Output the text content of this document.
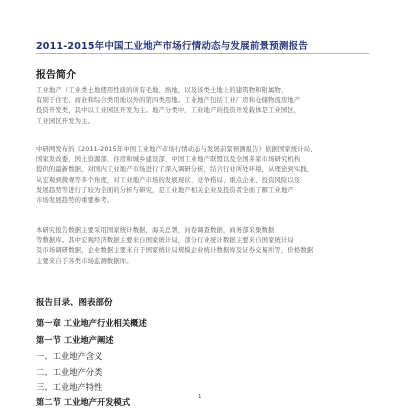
2011-2015年中国工业地产市场行情动态与发展前景预测报告
报告简介
工业地产（工业类土地使用性质的所有毛地、熟地，以及该类土地上的建筑物和附属物，
有别于住宅、商业和综合类用地以外的第四类用地。工业地产包括工业厂房和仓储物流房地产
投资开发类，其中以工业园区开发为主。地产分类中，工业地产的投资开发载体是工业园区，
工业园区开发为主。
中研网发布的《2011-2015年中国工业地产市场行情动态与发展前景预测报告》依据国家统计局、
国家发改委、国土资源部、住房和城乡建设部、中国工业地产联盟以及全国多家市场研究机构
提供的最新数据，对国内工业地产市场进行了深入调研分析，结合行业所处环境，从理论到实践、
从宏观到微观等多个角度，对工业地产市场的发展现状、竞争格局、重点企业、投资风险以及
发展趋势等进行了较为全面的分析与研究，是工业地产相关企业及投资者全面了解工业地产
市场发展趋势的重要参考。
本研究报告数据主要采用国家统计数据，海关总署，问卷调查数据，商务部采集数据
等数据库。其中宏观经济数据主要来自国家统计局，部分行业统计数据主要来自国家统计局
及市场调研数据，企业数据主要来自于国家统计局规模企业统计数据库及证券交易所等，价格数据
主要来自于各类市场监测数据库。
报告目录、图表部份
第一章 工业地产行业相关概述
第一节 工业地产阐述
一、工业地产含义
二、工业地产分类
三、工业地产特性
第二节 工业地产开发模式	1
